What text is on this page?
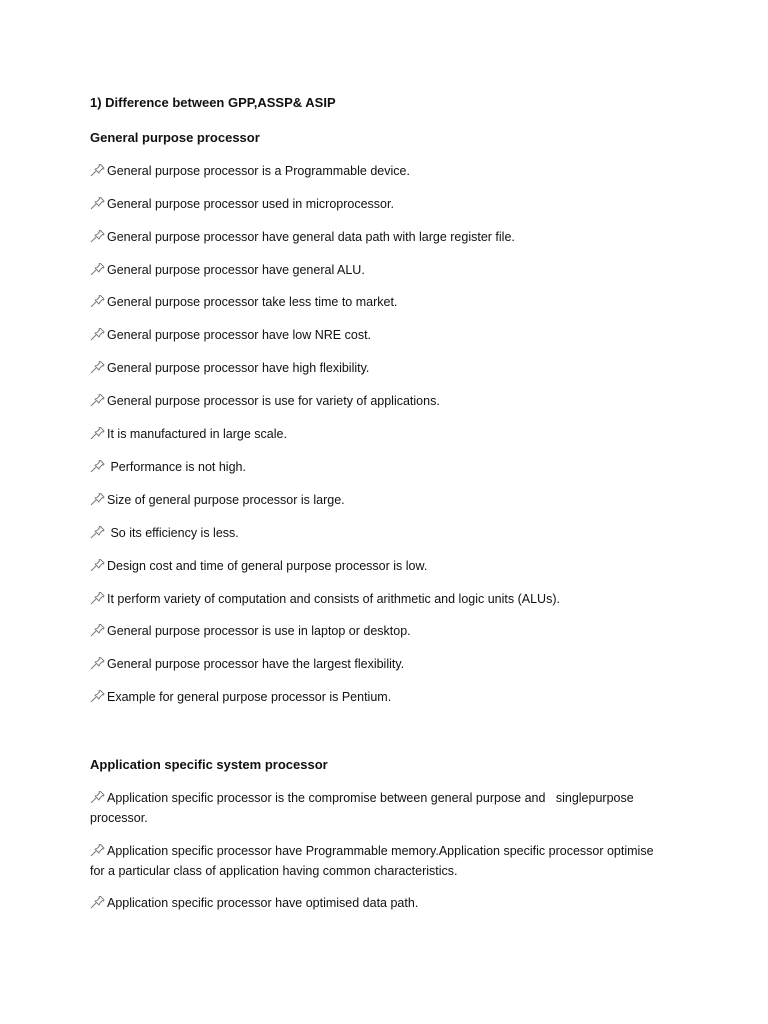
1) Difference between GPP,ASSP& ASIP
General purpose processor
General purpose processor is a Programmable device.
General purpose processor used in microprocessor.
General purpose processor have general data path with large register file.
General purpose processor have general ALU.
General purpose processor take less time to market.
General purpose processor have low NRE cost.
General purpose processor have high flexibility.
General purpose processor is use for variety of applications.
It is manufactured in large scale.
Performance is not high.
Size of general purpose processor is large.
So its efficiency is less.
Design cost and time of general purpose processor is low.
It perform variety of computation and consists of arithmetic and logic units (ALUs).
General purpose processor is use in laptop or desktop.
General purpose processor have the largest flexibility.
Example for general purpose processor is Pentium.
Application specific system processor
Application specific processor is the compromise between general purpose and   singlepurpose processor.
Application specific processor have Programmable memory.Application specific processor optimise for a particular class of application having common characteristics.
Application specific processor have optimised data path.
